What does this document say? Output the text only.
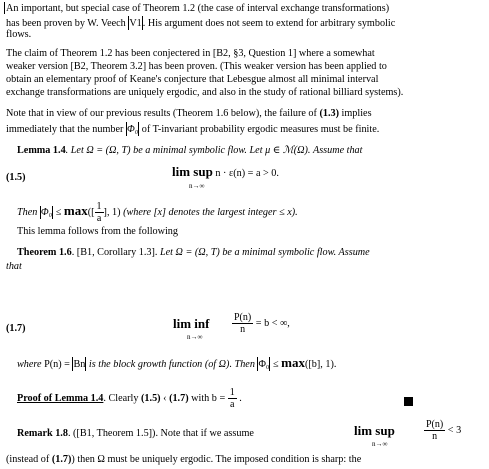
An important, but special case of Theorem 1.2 (the case of interval exchange transformations)
has been proven by W. Veech V1. His argument does not seem to extend for arbitrary symbolic
flows.
The claim of Theorem 1.2 has been conjectered in [B2, §3, Question 1] where a somewhat
weaker version [B2, Theorem 3.2] has been proven. (This weaker version has been applied to
obtain an elementary proof of Keane's conjecture that Lebesgue almost all minimal interval
exchange transformations are uniquely ergodic, and also in the study of rational billiard systems).
Note that in view of our previous results (Theorem 1.6 below), the failure of (1.3) implies
immediately that the number Φ₀ of T-invariant probability ergodic measures must be finite.
Lemma 1.4. Let Ω = (Ω, T) be a minimal symbolic flow. Let μ ∈ ℳ(Ω). Assume that
(1.5)	lim sup n · ε(n) = a > 0.
n→∞
Then $\Phi_0 \le \max([ \frac{1}{a}$ ], 1) (where [x] denotes the largest integer ≤ x).
This lemma follows from the following
Theorem 1.6. [B1, Corollary 1.3]. Let Ω = (Ω, T) be a minimal symbolic flow. Assume
that
(1.7)	lim inf
n→∞
$\frac{P(n)}{n} = b$ < ∞,
where P(n) = Bn is the block growth function (of Ω). Then Φ₀ ≤ max([b], 1).
Proof of Lemma 1.4. Clearly (1.5) ‹ (1.7) with $b = \frac{1}{a}$ .
Remark 1.8. ([B1, Theorem 1.5]). Note that if we assume	lim sup
n→∞
$\frac{P(n)}{n} < 3$
(instead of (1.7)) then Ω must be uniquely ergodic. The imposed condition is sharp: the
